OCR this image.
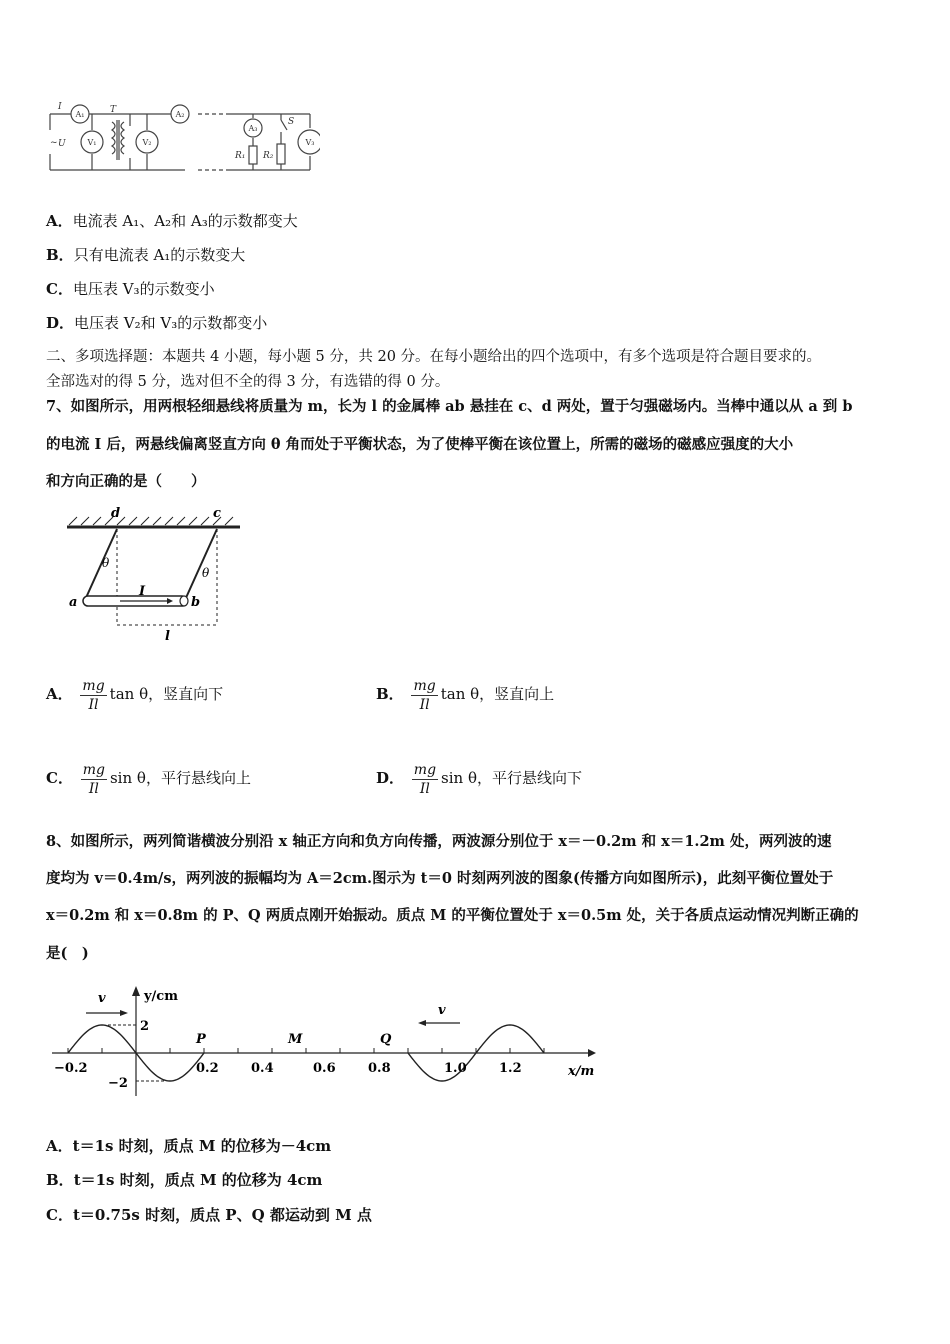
~ U
I	T
S
R₁ R₂
A₁
V₁	V₂
A₂
A₃
V₃
A．电流表 A₁、A₂和 A₃的示数都变大
B．只有电流表 A₁的示数变大
C．电压表 V₃的示数变小
D．电压表 V₂和 V₃的示数都变小
二、多项选择题：本题共 4 小题，每小题 5 分，共 20 分。在每小题给出的四个选项中，有多个选项是符合题目要求的。
全部选对的得 5 分，选对但不全的得 3 分，有选错的得 0 分。
7、如图所示，用两根轻细悬线将质量为 m，长为 l 的金属棒 ab 悬挂在 c、d 两处，置于匀强磁场内。当棒中通以从 a 到 b
的电流 I 后，两悬线偏离竖直方向 θ 角而处于平衡状态，为了使棒平衡在该位置上，所需的磁场的磁感应强度的大小
和方向正确的是（　　）
d	c
θ
θ
a	b
I
l
A． $\frac{mg}{Il}$ tan θ，竖直向下	B． $\frac{mg}{Il}$ tan θ，竖直向上
C． $\frac{mg}{Il}$ sin θ，平行悬线向上	D． $\frac{mg}{Il}$ sin θ，平行悬线向下
8、如图所示，两列简谐横波分别沿 x 轴正方向和负方向传播，两波源分别位于 x＝－0.2m 和 x＝1.2m 处，两列波的速
度均为 v＝0.4m/s，两列波的振幅均为 A＝2cm.图示为 t＝0 时刻两列波的图象(传播方向如图所示)，此刻平衡位置处于
x＝0.2m 和 x＝0.8m 的 P、Q 两质点刚开始振动。质点 M 的平衡位置处于 x＝0.5m 处，关于各质点运动情况判断正确的
是(　)
v
v
y/cm
2
−2
x/m
P	M	Q
−0.2	0.2 0.4	0.6 0.8	1.0 1.2
A．t＝1s 时刻，质点 M 的位移为－4cm
B．t＝1s 时刻，质点 M 的位移为 4cm
C．t＝0.75s 时刻，质点 P、Q 都运动到 M 点
